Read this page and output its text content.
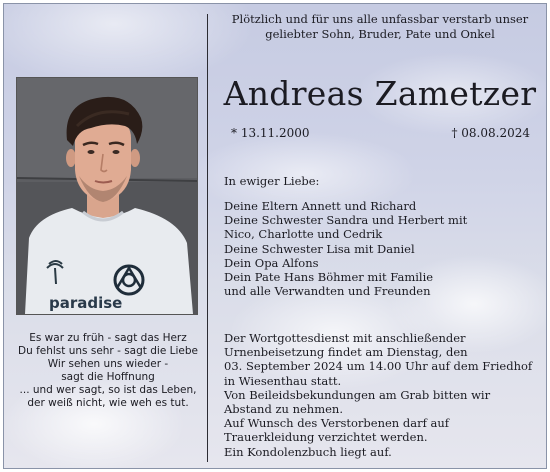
paradise
Es war zu früh - sagt das Herz
Du fehlst uns sehr - sagt die Liebe
Wir sehen uns wieder -
sagt die Hoffnung
... und wer sagt, so ist das Leben,
der weiß nicht, wie weh es tut.
Plötzlich und für uns alle unfassbar verstarb unser
geliebter Sohn, Bruder, Pate und Onkel
Andreas Zametzer
* 13.11.2000	† 08.08.2024
In ewiger Liebe:
Deine Eltern Annett und Richard
Deine Schwester Sandra und Herbert mit
Nico, Charlotte und Cedrik
Deine Schwester Lisa mit Daniel
Dein Opa Alfons
Dein Pate Hans Böhmer mit Familie
und alle Verwandten und Freunden
Der Wortgottesdienst mit anschließender
Urnenbeisetzung findet am Dienstag, den
03. September 2024 um 14.00 Uhr auf dem Friedhof
in Wiesenthau statt.
Von Beileidsbekundungen am Grab bitten wir
Abstand zu nehmen.
Auf Wunsch des Verstorbenen darf auf
Trauerkleidung verzichtet werden.
Ein Kondolenzbuch liegt auf.
